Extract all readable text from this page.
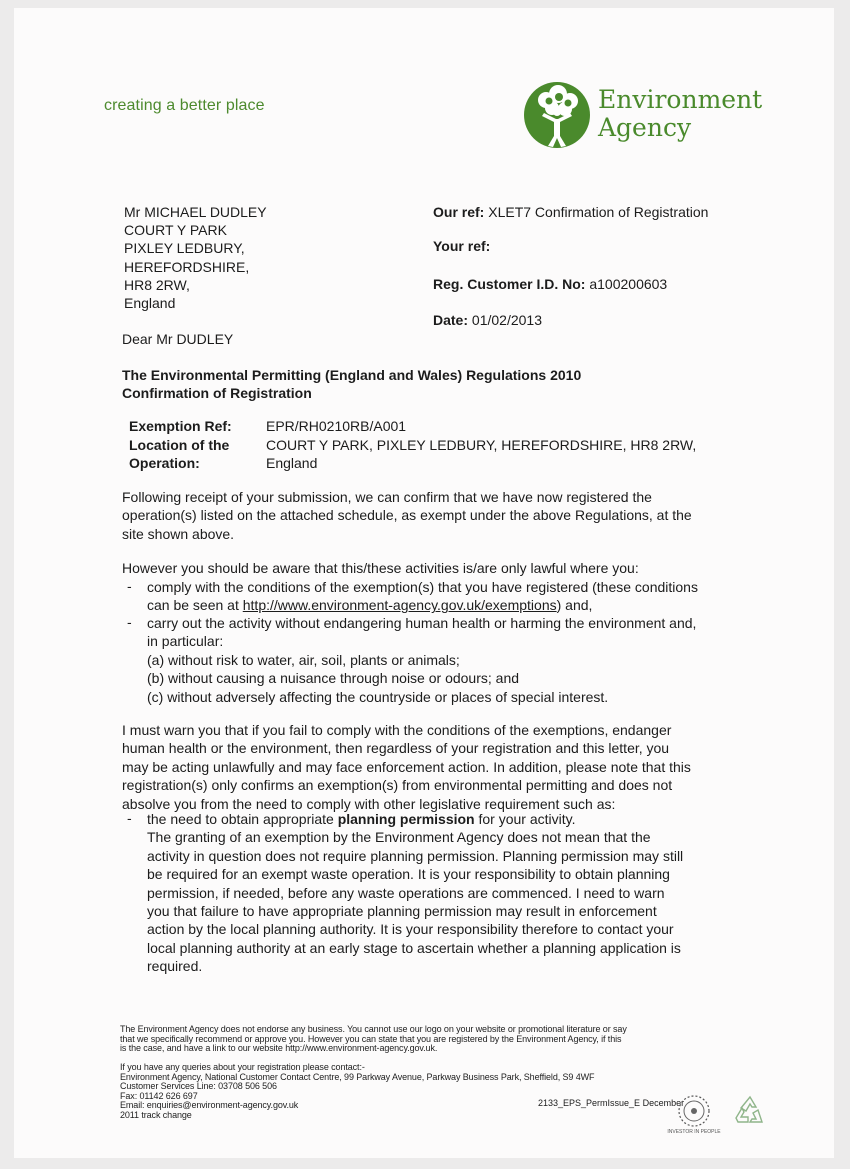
creating a better place	Environment
Agency
Mr MICHAEL DUDLEY
COURT Y PARK
PIXLEY LEDBURY,
HEREFORDSHIRE,
HR8 2RW,
England
Our ref: XLET7 Confirmation of Registration
Your ref:
Reg. Customer I.D. No: a100200603
Date: 01/02/2013
Dear Mr DUDLEY
The Environmental Permitting (England and Wales) Regulations 2010
Confirmation of Registration
Exemption Ref: EPR/RH0210RB/A001
Location of the	COURT Y PARK, PIXLEY LEDBURY, HEREFORDSHIRE, HR8 2RW,
Operation:	England
Following receipt of your submission, we can confirm that we have now registered the
operation(s) listed on the attached schedule, as exempt under the above Regulations, at the
site shown above.
However you should be aware that this/these activities is/are only lawful where you:
- comply with the conditions of the exemption(s) that you have registered (these conditions
can be seen at http://www.environment-agency.gov.uk/exemptions) and,
- carry out the activity without endangering human health or harming the environment and,
in particular:
(a) without risk to water, air, soil, plants or animals;
(b) without causing a nuisance through noise or odours; and
(c) without adversely affecting the countryside or places of special interest.
I must warn you that if you fail to comply with the conditions of the exemptions, endanger
human health or the environment, then regardless of your registration and this letter, you
may be acting unlawfully and may face enforcement action. In addition, please note that this
registration(s) only confirms an exemption(s) from environmental permitting and does not
absolve you from the need to comply with other legislative requirement such as:
- the need to obtain appropriate planning permission for your activity.
The granting of an exemption by the Environment Agency does not mean that the
activity in question does not require planning permission. Planning permission may still
be required for an exempt waste operation. It is your responsibility to obtain planning
permission, if needed, before any waste operations are commenced. I need to warn
you that failure to have appropriate planning permission may result in enforcement
action by the local planning authority. It is your responsibility therefore to contact your
local planning authority at an early stage to ascertain whether a planning application is
required.
The Environment Agency does not endorse any business. You cannot use our logo on your website or promotional literature or say
that we specifically recommend or approve you. However you can state that you are registered by the Environment Agency, if this
is the case, and have a link to our website http://www.environment-agency.gov.uk.
If you have any queries about your registration please contact:-
Environment Agency, National Customer Contact Centre, 99 Parkway Avenue, Parkway Business Park, Sheffield, S9 4WF
Customer Services Line: 03708 506 506
Fax: 01142 626 697
Email: enquiries@environment-agency.gov.uk
2011 track change
2133_EPS_PermIssue_E December
INVESTOR IN PEOPLE
